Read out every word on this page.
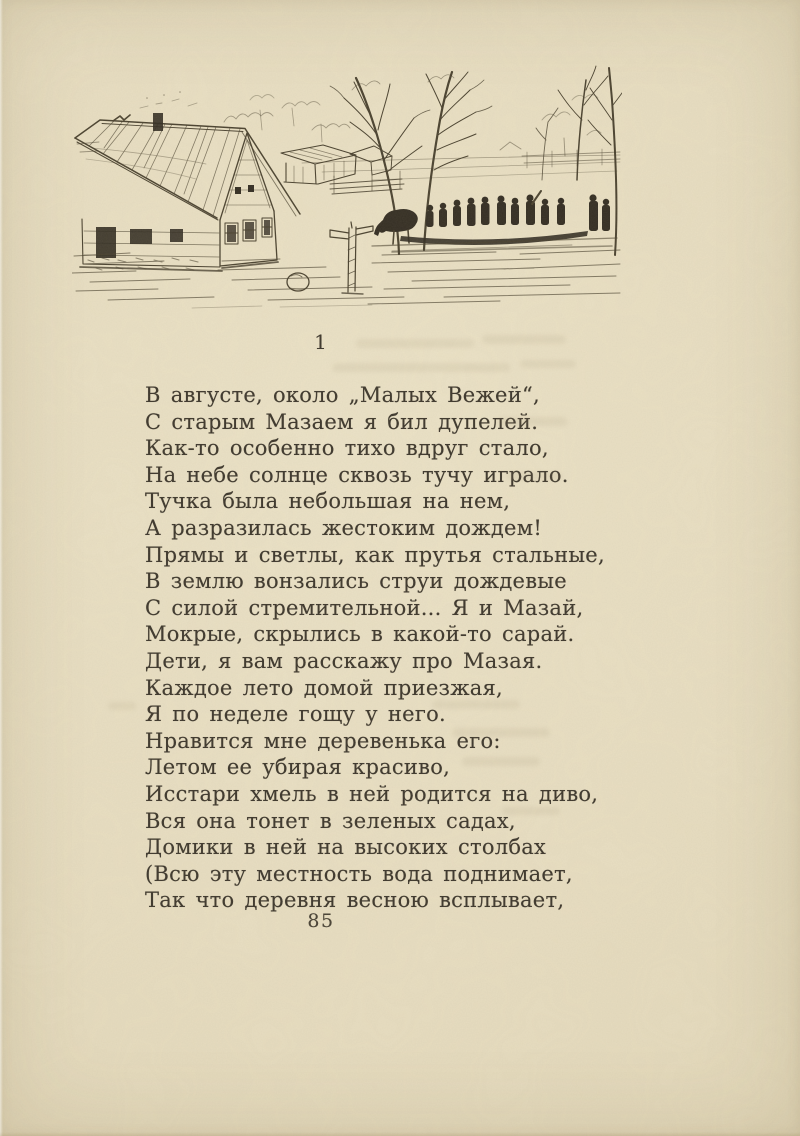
1
В августе, около „Малых Вежей“,
С старым Мазаем я бил дупелей.
Как-то особенно тихо вдруг стало,
На небе солнце сквозь тучу играло.
Тучка была небольшая на нем,
А разразилась жестоким дождем!
Прямы и светлы, как прутья стальные,
В землю вонзались струи дождевые
С силой стремительной... Я и Мазай,
Мокрые, скрылись в какой-то сарай.
Дети, я вам расскажу про Мазая.
Каждое лето домой приезжая,
Я по неделе гощу у него.
Нравится мне деревенька его:
Летом ее убирая красиво,
Исстари хмель в ней родится на диво,
Вся она тонет в зеленых садах,
Домики в ней на высоких столбах
(Всю эту местность вода поднимает,
Так что деревня весною всплывает,
85
